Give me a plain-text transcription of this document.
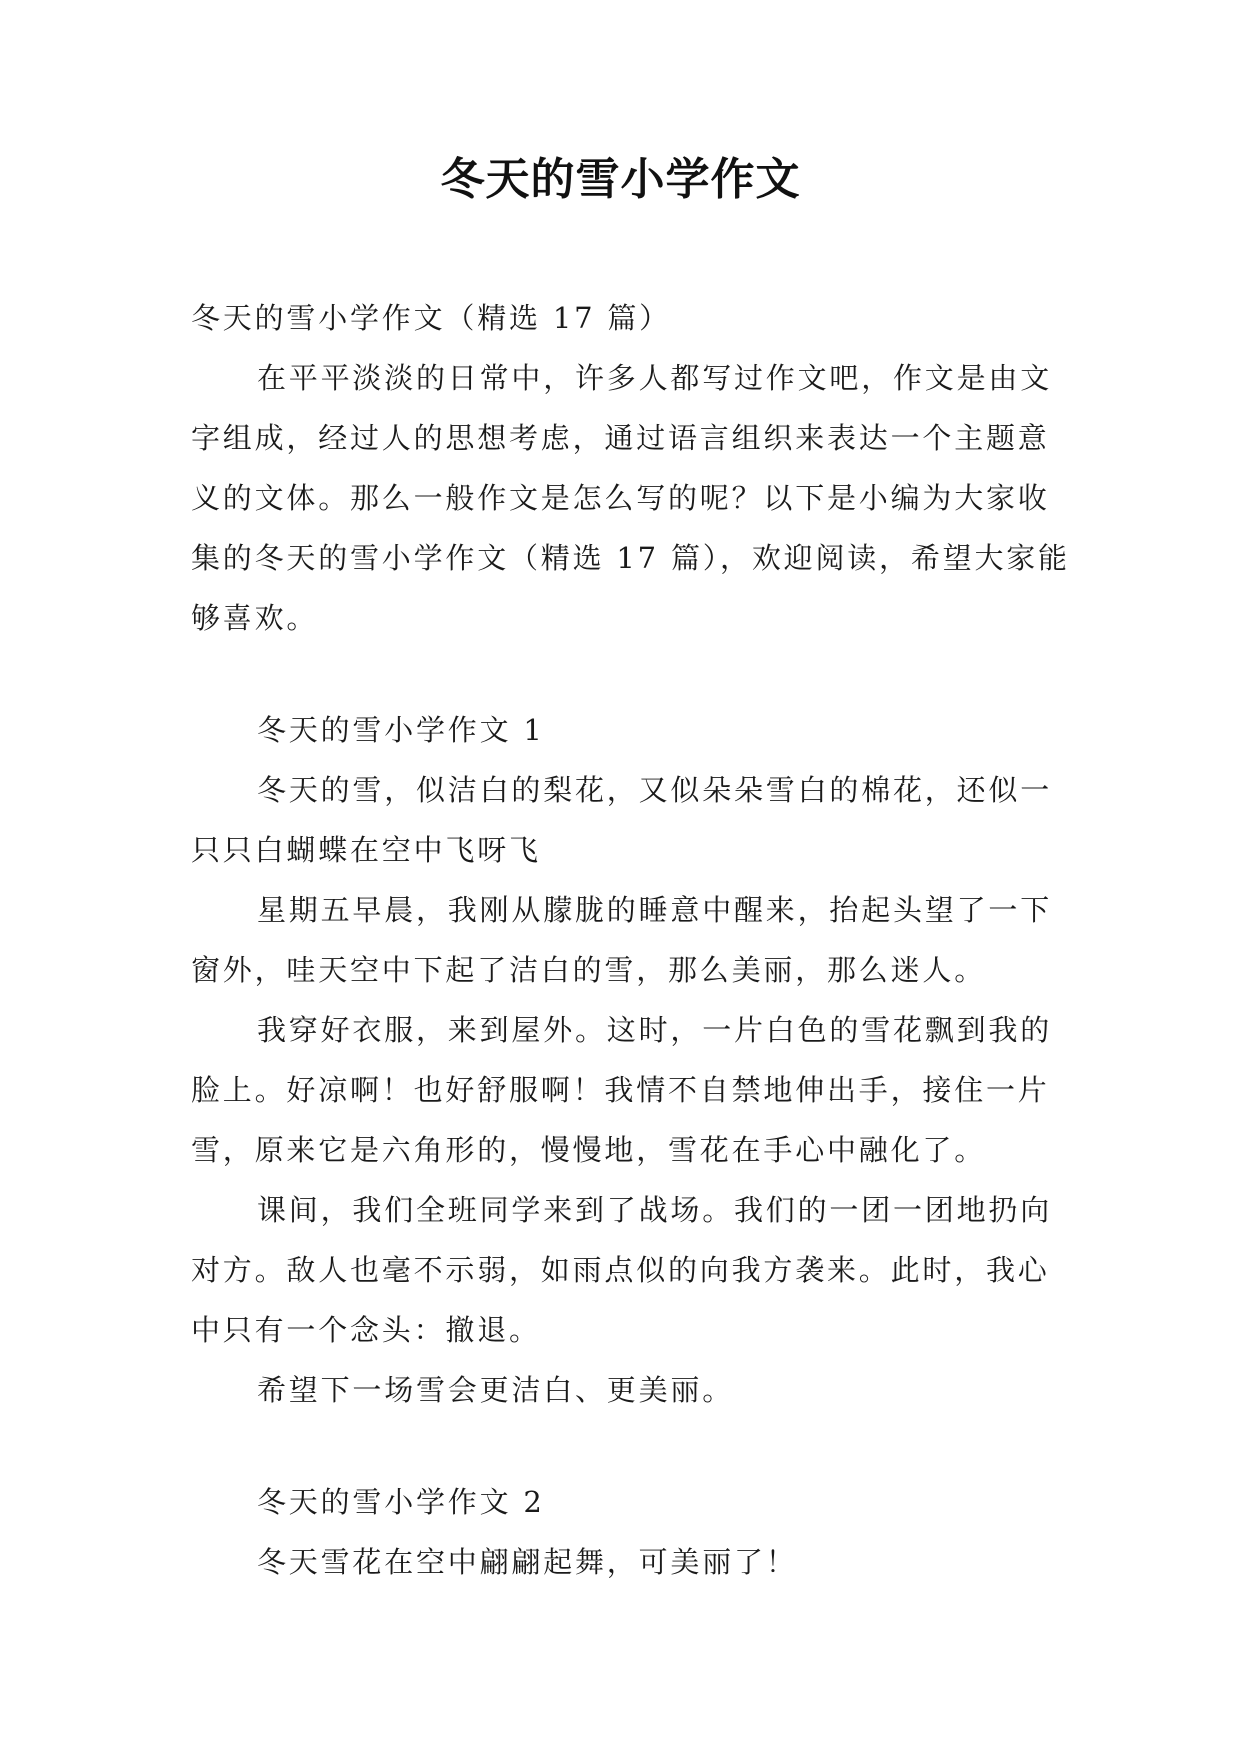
冬天的雪小学作文

冬天的雪小学作文（精选 17 篇）

在平平淡淡的日常中，许多人都写过作文吧，作文是由文字组成，经过人的思想考虑，通过语言组织来表达一个主题意义的文体。那么一般作文是怎么写的呢？以下是小编为大家收集的冬天的雪小学作文（精选 17 篇），欢迎阅读，希望大家能够喜欢。

冬天的雪小学作文 1

冬天的雪，似洁白的梨花，又似朵朵雪白的棉花，还似一只只白蝴蝶在空中飞呀飞

星期五早晨，我刚从朦胧的睡意中醒来，抬起头望了一下窗外，哇天空中下起了洁白的雪，那么美丽，那么迷人。

我穿好衣服，来到屋外。这时，一片白色的雪花飘到我的脸上。好凉啊！也好舒服啊！我情不自禁地伸出手，接住一片雪，原来它是六角形的，慢慢地，雪花在手心中融化了。

课间，我们全班同学来到了战场。我们的一团一团地扔向对方。敌人也毫不示弱，如雨点似的向我方袭来。此时，我心中只有一个念头：撤退。

希望下一场雪会更洁白、更美丽。

冬天的雪小学作文 2

冬天雪花在空中翩翩起舞，可美丽了！
